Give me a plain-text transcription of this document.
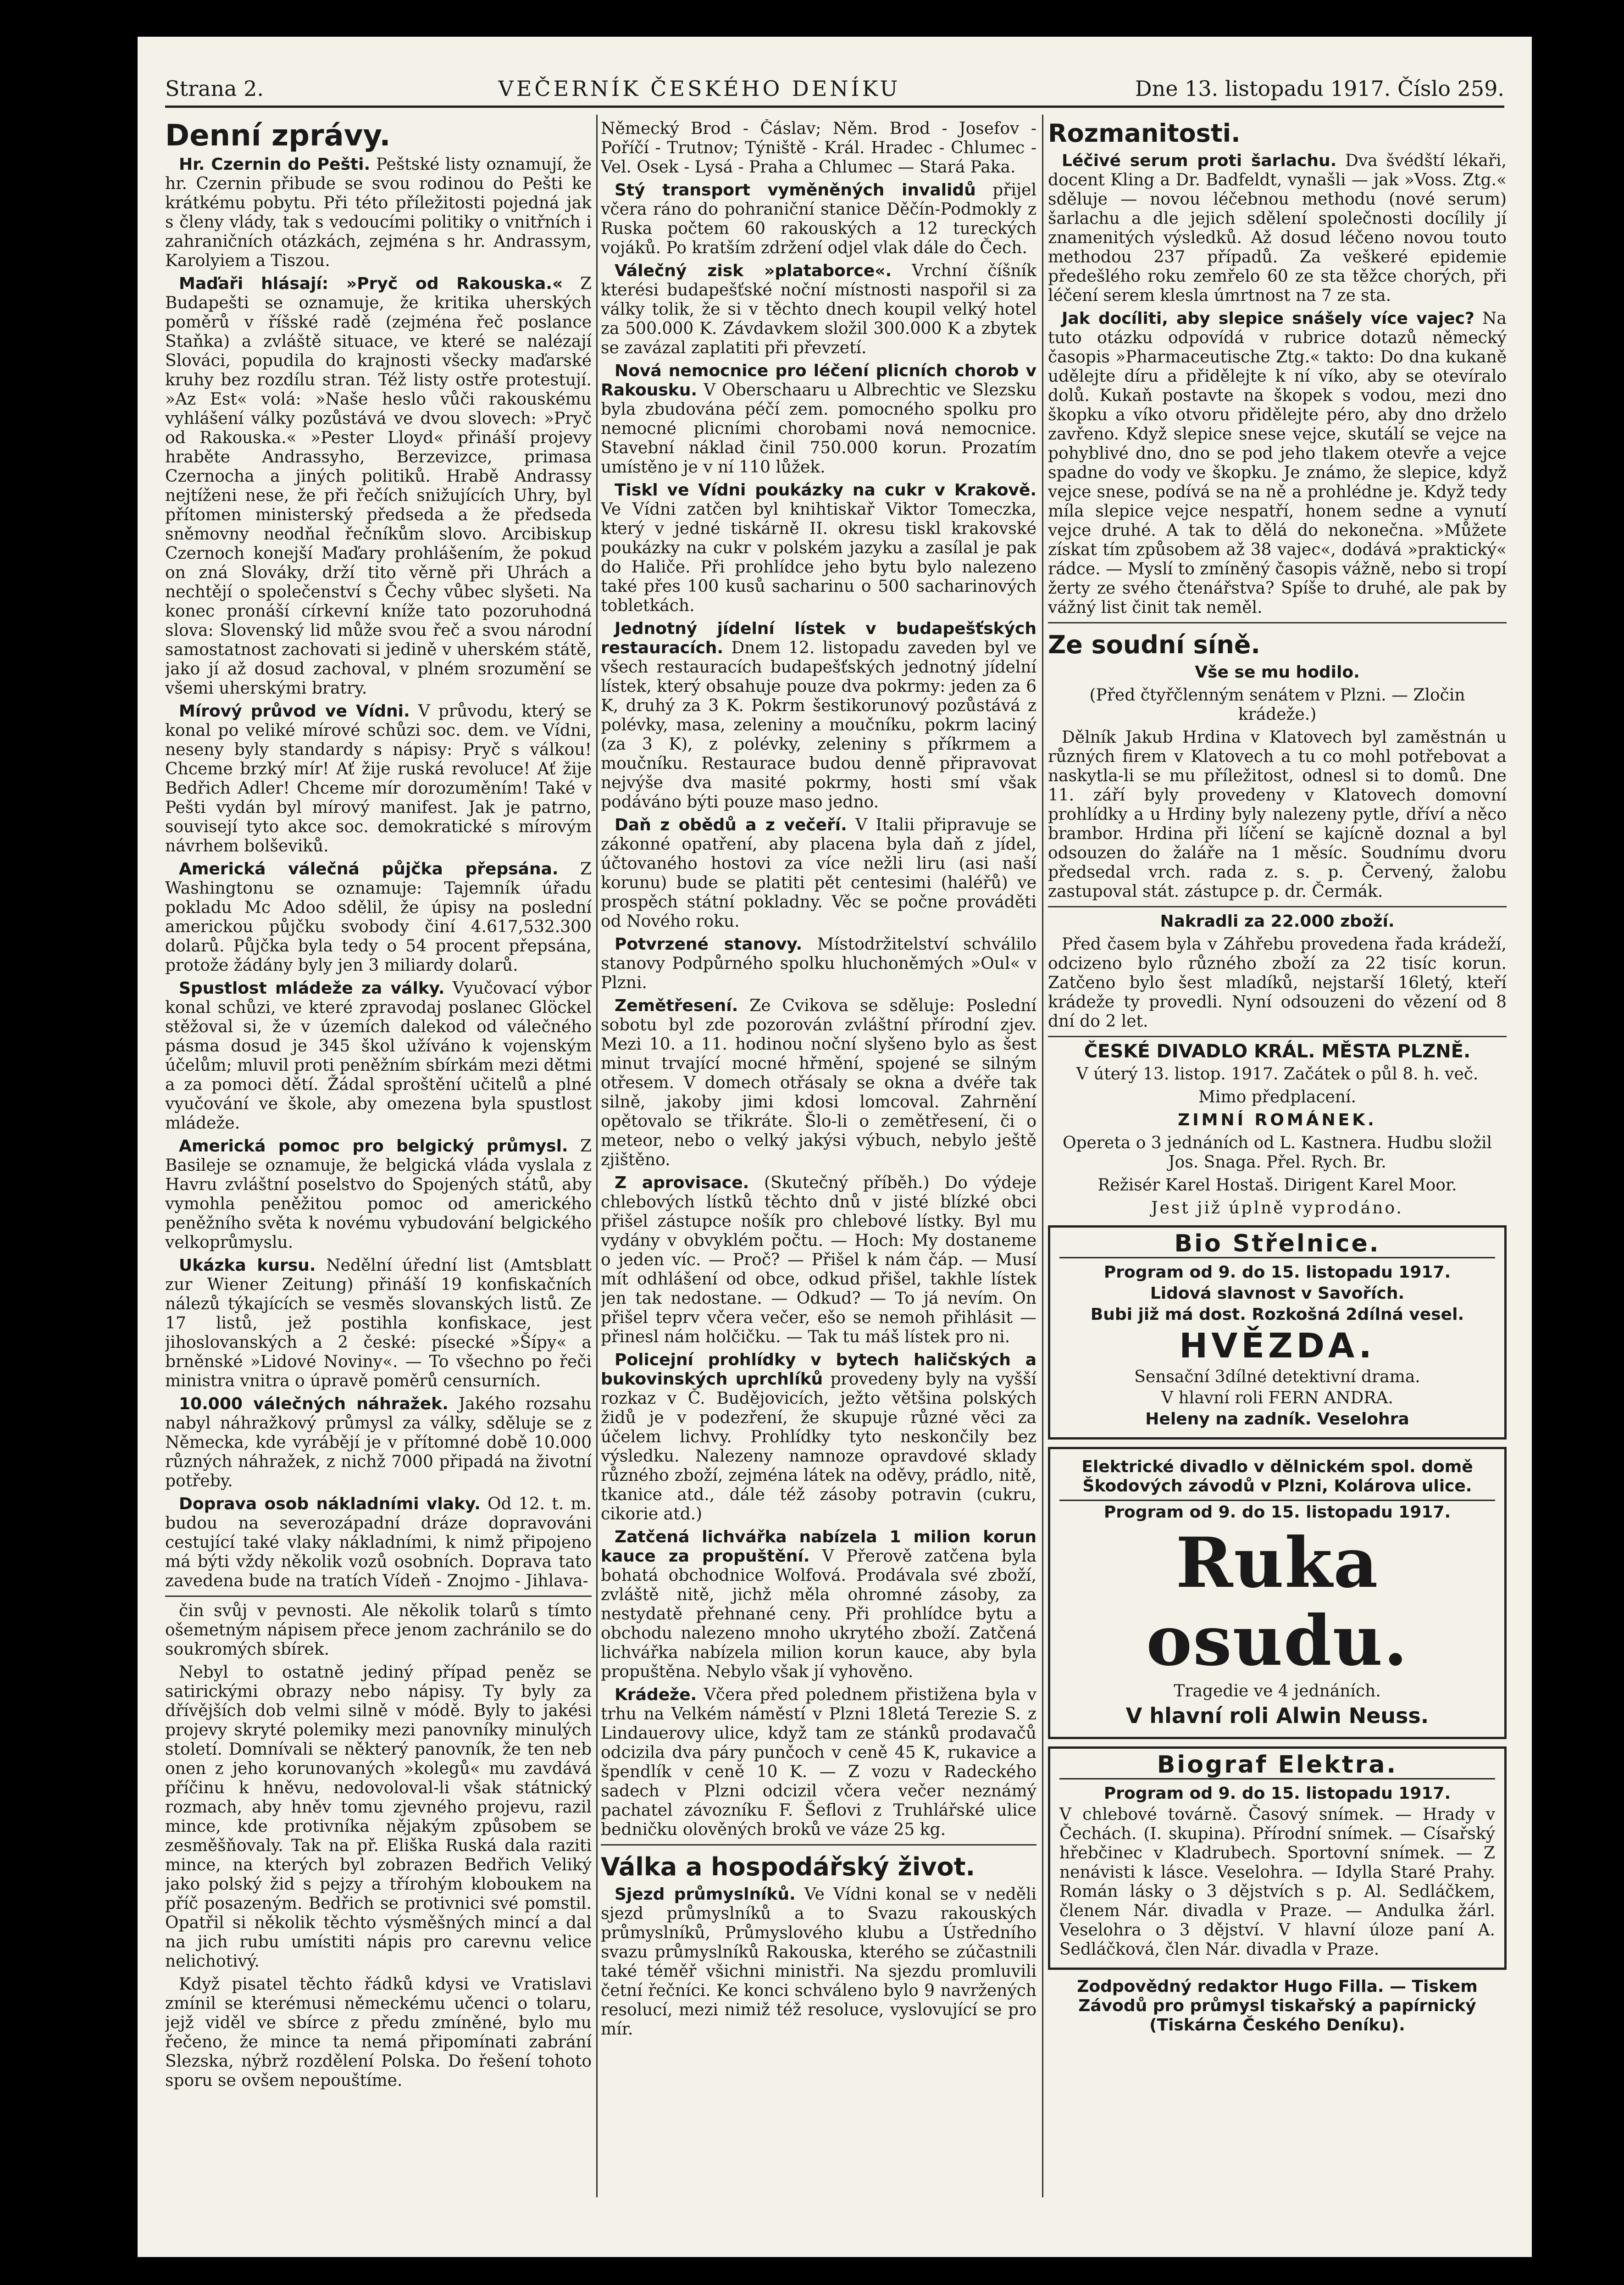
Strana 2.	VEČERNÍK ČESKÉHO DENÍKU	Dne 13. listopadu 1917. Číslo 259.
Denní zprávy.

Hr. Czernin do Pešti. Peštské listy oznamují, že hr. Czernin přibude se svou rodinou do Pešti ke krátkému pobytu. Při této příležitosti pojedná jak s členy vlády, tak s vedoucími politiky o vnitřních i zahraničních otázkách, zejména s hr. Andrassym, Karolyiem a Tiszou.

Maďaři hlásají: »Pryč od Rakouska.« Z Budapešti se oznamuje, že kritika uherských poměrů v říšské radě (zejména řeč poslance Staňka) a zvláště situace, ve které se nalézají Slováci, popudila do krajnosti všecky maďarské kruhy bez rozdílu stran. Též listy ostře protestují. »Az Est« volá: »Naše heslo vůči rakouskému vyhlášení války pozůstává ve dvou slovech: »Pryč od Rakouska.« »Pester Lloyd« přináší projevy hraběte Andrassyho, Berzevizce, primasa Czernocha a jiných politiků. Hrabě Andrassy nejtíženi nese, že při řečích snižujících Uhry, byl přítomen ministerský předseda a že předseda sněmovny neodňal řečníkům slovo. Arcibiskup Czernoch konejší Maďary prohlášením, že pokud on zná Slováky, drží tito věrně při Uhrách a nechtějí o společenství s Čechy vůbec slyšeti. Na konec pronáší církevní kníže tato pozoruhodná slova: Slovenský lid může svou řeč a svou národní samostatnost zachovati si jedině v uherském státě, jako jí až dosud zachoval, v plném srozumění se všemi uherskými bratry.

Mírový průvod ve Vídni. V průvodu, který se konal po veliké mírové schůzi soc. dem. ve Vídni, neseny byly standardy s nápisy: Pryč s válkou! Chceme brzký mír! Ať žije ruská revoluce! Ať žije Bedřich Adler! Chceme mír dorozuměním! Také v Pešti vydán byl mírový manifest. Jak je patrno, souvisejí tyto akce soc. demokratické s mírovým návrhem bolševiků.

Americká válečná půjčka přepsána. Z Washingtonu se oznamuje: Tajemník úřadu pokladu Mc Adoo sdělil, že úpisy na poslední americkou půjčku svobody činí 4.617,532.300 dolarů. Půjčka byla tedy o 54 procent přepsána, protože žádány byly jen 3 miliardy dolarů.

Spustlost mládeže za války. Vyučovací výbor konal schůzi, ve které zpravodaj poslanec Glöckel stěžoval si, že v územích dalekod od válečného pásma dosud je 345 škol užíváno k vojenským účelům; mluvil proti peněžním sbírkám mezi dětmi a za pomoci dětí. Žádal sproštění učitelů a plné vyučování ve škole, aby omezena byla spustlost mládeže.

Americká pomoc pro belgický průmysl. Z Basileje se oznamuje, že belgická vláda vyslala z Havru zvláštní poselstvo do Spojených států, aby vymohla peněžitou pomoc od amerického peněžního světa k novému vybudování belgického velkoprůmyslu.

Ukázka kursu. Nedělní úřední list (Amtsblatt zur Wiener Zeitung) přináší 19 konfiskačních nálezů týkajících se vesměs slovanských listů. Ze 17 listů, jež postihla konfiskace, jest jihoslovanských a 2 české: písecké »Šípy« a brněnské »Lidové Noviny«. — To všechno po řeči ministra vnitra o úpravě poměrů censurních.

10.000 válečných náhražek. Jakého rozsahu nabyl náhražkový průmysl za války, sděluje se z Německa, kde vyrábějí je v přítomné době 10.000 různých náhražek, z nichž 7000 připadá na životní potřeby.

Doprava osob nákladními vlaky. Od 12. t. m. budou na severozápadní dráze dopravováni cestující také vlaky nákladními, k nimž připojeno má býti vždy několik vozů osobních. Doprava tato zavedena bude na tratích Vídeň - Znojmo - Jihlava-

čin svůj v pevnosti. Ale několik tolarů s tímto ošemetným nápisem přece jenom zachránilo se do soukromých sbírek.

Nebyl to ostatně jediný případ peněz se satirickými obrazy nebo nápisy. Ty byly za dřívějších dob velmi silně v módě. Byly to jakési projevy skryté polemiky mezi panovníky minulých století. Domnívali se některý panovník, že ten neb onen z jeho korunovaných »kolegů« mu zavdává příčinu k hněvu, nedovoloval-li však státnický rozmach, aby hněv tomu zjevného projevu, razil mince, kde protivníka nějakým způsobem se zesměšňovaly. Tak na př. Eliška Ruská dala raziti mince, na kterých byl zobrazen Bedřich Veliký jako polský žid s pejzy a třírohým kloboukem na příč posazeným. Bedřich se protivnici své pomstil. Opatřil si několik těchto výsměšných mincí a dal na jich rubu umístiti nápis pro carevnu velice nelichotivý.

Když pisatel těchto řádků kdysi ve Vratislavi zmínil se kterémusi německému učenci o tolaru, jejž viděl ve sbírce z předu zmíněné, bylo mu řečeno, že mince ta nemá připomínati zabrání Slezska, nýbrž rozdělení Polska. Do řešení tohoto sporu se ovšem nepouštíme.

Německý Brod - Čáslav; Něm. Brod - Josefov - Poříčí - Trutnov; Týniště - Král. Hradec - Chlumec - Vel. Osek - Lysá - Praha a Chlumec — Stará Paka.

Stý transport vyměněných invalidů přijel včera ráno do pohraniční stanice Děčín-Podmokly z Ruska počtem 60 rakouských a 12 tureckých vojáků. Po kratším zdržení odjel vlak dále do Čech.

Válečný zisk »plataborce«. Vrchní číšník kterési budapešťské noční místnosti naspořil si za války tolik, že si v těchto dnech koupil velký hotel za 500.000 K. Závdavkem složil 300.000 K a zbytek se zavázal zaplatiti při převzetí.

Nová nemocnice pro léčení plicních chorob v Rakousku. V Oberschaaru u Albrechtic ve Slezsku byla zbudována péčí zem. pomocného spolku pro nemocné plicními chorobami nová nemocnice. Stavební náklad činil 750.000 korun. Prozatím umístěno je v ní 110 lůžek.

Tiskl ve Vídni poukázky na cukr v Krakově. Ve Vídni zatčen byl knihtiskař Viktor Tomeczka, který v jedné tiskárně II. okresu tiskl krakovské poukázky na cukr v polském jazyku a zasílal je pak do Haliče. Při prohlídce jeho bytu bylo nalezeno také přes 100 kusů sacharinu o 500 sacharinových tobletkách.

Jednotný jídelní lístek v budapešťských restauracích. Dnem 12. listopadu zaveden byl ve všech restauracích budapešťských jednotný jídelní lístek, který obsahuje pouze dva pokrmy: jeden za 6 K, druhý za 3 K. Pokrm šestikorunový pozůstává z polévky, masa, zeleniny a moučníku, pokrm laciný (za 3 K), z polévky, zeleniny s příkrmem a moučníku. Restaurace budou denně připravovat nejvýše dva masité pokrmy, hosti smí však podáváno býti pouze maso jedno.

Daň z obědů a z večeří. V Italii připravuje se zákonné opatření, aby placena byla daň z jídel, účtovaného hostovi za více nežli liru (asi naší korunu) bude se platiti pět centesimi (haléřů) ve prospěch státní pokladny. Věc se počne prováděti od Nového roku.

Potvrzené stanovy. Místodržitelství schválilo stanovy Podpůrného spolku hluchoněmých »Oul« v Plzni.

Zemětřesení. Ze Cvikova se sděluje: Poslední sobotu byl zde pozorován zvláštní přírodní zjev. Mezi 10. a 11. hodinou noční slyšeno bylo as šest minut trvající mocné hřmění, spojené se silným otřesem. V domech otřásaly se okna a dvéře tak silně, jakoby jimi kdosi lomcoval. Zahrnění opětovalo se třikráte. Šlo-li o zemětřesení, či o meteor, nebo o velký jakýsi výbuch, nebylo ještě zjištěno.

Z aprovisace. (Skutečný příběh.) Do výdeje chlebových lístků těchto dnů v jisté blízké obci přišel zástupce nošík pro chlebové lístky. Byl mu vydány v obvyklém počtu. — Hoch: My dostaneme o jeden víc. — Proč? — Přišel k nám čáp. — Musí mít odhlášení od obce, odkud přišel, takhle lístek jen tak nedostane. — Odkud? — To já nevím. On přišel teprv včera večer, ešo se nemoh přihlásit — přinesl nám holčičku. — Tak tu máš lístek pro ni.

Policejní prohlídky v bytech haličských a bukovinských uprchlíků provedeny byly na vyšší rozkaz v Č. Budějovicích, ježto většina polských židů je v podezření, že skupuje různé věci za účelem lichvy. Prohlídky tyto neskončily bez výsledku. Nalezeny namnoze opravdové sklady různého zboží, zejména látek na oděvy, prádlo, nitě, tkanice atd., dále též zásoby potravin (cukru, cikorie atd.)

Zatčená lichvářka nabízela 1 milion korun kauce za propuštění. V Přerově zatčena byla bohatá obchodnice Wolfová. Prodávala své zboží, zvláště nitě, jichž měla ohromné zásoby, za nestydatě přehnané ceny. Při prohlídce bytu a obchodu nalezeno mnoho ukrytého zboží. Zatčená lichvářka nabízela milion korun kauce, aby byla propuštěna. Nebylo však jí vyhověno.

Krádeže. Včera před polednem přistižena byla v trhu na Velkém náměstí v Plzni 18letá Terezie S. z Lindauerovy ulice, když tam ze stánků prodavačů odcizila dva páry punčoch v ceně 45 K, rukavice a špendlík v ceně 10 K. — Z vozu v Radeckého sadech v Plzni odcizil včera večer neznámý pachatel závozníku F. Šeflovi z Truhlářské ulice bedničku olověných broků ve váze 25 kg.

Válka a hospodářský život.

Sjezd průmyslníků. Ve Vídni konal se v neděli sjezd průmyslníků a to Svazu rakouských průmyslníků, Průmyslového klubu a Ústředního svazu průmyslníků Rakouska, kterého se zúčastnili také téměř všichni ministři. Na sjezdu promluvili četní řečníci. Ke konci schváleno bylo 9 navržených resolucí, mezi nimiž též resoluce, vyslovující se pro mír.

Rozmanitosti.

Léčivé serum proti šarlachu. Dva švédští lékaři, docent Kling a Dr. Badfeldt, vynašli — jak »Voss. Ztg.« sděluje — novou léčebnou methodu (nové serum) šarlachu a dle jejich sdělení společnosti docílily jí znamenitých výsledků. Až dosud léčeno novou touto methodou 237 případů. Za veškeré epidemie předešlého roku zemřelo 60 ze sta těžce chorých, při léčení serem klesla úmrtnost na 7 ze sta.

Jak docíliti, aby slepice snášely více vajec? Na tuto otázku odpovídá v rubrice dotazů německý časopis »Pharmaceutische Ztg.« takto: Do dna kukaně udělejte díru a přidělejte k ní víko, aby se otevíralo dolů. Kukaň postavte na škopek s vodou, mezi dno škopku a víko otvoru přidělejte péro, aby dno drželo zavřeno. Když slepice snese vejce, skutálí se vejce na pohyblivé dno, dno se pod jeho tlakem otevře a vejce spadne do vody ve škopku. Je známo, že slepice, když vejce snese, podívá se na ně a prohlédne je. Když tedy míla slepice vejce nespatří, honem sedne a vynutí vejce druhé. A tak to dělá do nekonečna. »Můžete získat tím způsobem až 38 vajec«, dodává »praktický« rádce. — Myslí to zmíněný časopis vážně, nebo si tropí žerty ze svého čtenářstva? Spíše to druhé, ale pak by vážný list činit tak neměl.

Ze soudní síně.

Vše se mu hodilo.

(Před čtyřčlenným senátem v Plzni. — Zločin krádeže.)

Dělník Jakub Hrdina v Klatovech byl zaměstnán u různých firem v Klatovech a tu co mohl potřebovat a naskytla-li se mu příležitost, odnesl si to domů. Dne 11. září byly provedeny v Klatovech domovní prohlídky a u Hrdiny byly nalezeny pytle, dříví a něco brambor. Hrdina při líčení se kajícně doznal a byl odsouzen do žaláře na 1 měsíc. Soudnímu dvoru předsedal vrch. rada z. s. p. Červený, žalobu zastupoval stát. zástupce p. dr. Čermák.

Nakradli za 22.000 zboží.

Před časem byla v Záhřebu provedena řada krádeží, odcizeno bylo různého zboží za 22 tisíc korun. Zatčeno bylo šest mladíků, nejstarší 16letý, kteří krádeže ty provedli. Nyní odsouzeni do vězení od 8 dní do 2 let.

ČESKÉ DIVADLO KRÁL. MĚSTA PLZNĚ.

V úterý 13. listop. 1917. Začátek o půl 8. h. več.

Mimo předplacení.

ZIMNÍ ROMÁNEK.

Opereta o 3 jednáních od L. Kastnera. Hudbu složil Jos. Snaga. Přel. Rych. Br.

Režisér Karel Hostaš. Dirigent Karel Moor.

Jest již úplně vyprodáno.

Bio Střelnice.

Program od 9. do 15. listopadu 1917.

Lidová slavnost v Savořích.

Bubi již má dost. Rozkošná 2dílná vesel.

HVĚZDA.

Sensační 3dílné detektivní drama.

V hlavní roli FERN ANDRA.

Heleny na zadník. Veselohra

Elektrické divadlo v dělnickém spol. domě Škodových závodů v Plzni, Kolárova ulice.

Program od 9. do 15. listopadu 1917.

Ruka osudu.

Tragedie ve 4 jednáních.

V hlavní roli Alwin Neuss.

Biograf Elektra.

Program od 9. do 15. listopadu 1917.

V chlebové továrně. Časový snímek. — Hrady v Čechách. (I. skupina). Přírodní snímek. — Císařský hřebčinec v Kladrubech. Sportovní snímek. — Z nenávisti k lásce. Veselohra. — Idylla Staré Prahy. Román lásky o 3 dějstvích s p. Al. Sedláčkem, členem Nár. divadla v Praze. — Andulka žárl. Veselohra o 3 dějství. V hlavní úloze paní A. Sedláčková, člen Nár. divadla v Praze.

Zodpovědný redaktor Hugo Filla. — Tiskem Závodů pro průmysl tiskařský a papírnický (Tiskárna Českého Deníku).
